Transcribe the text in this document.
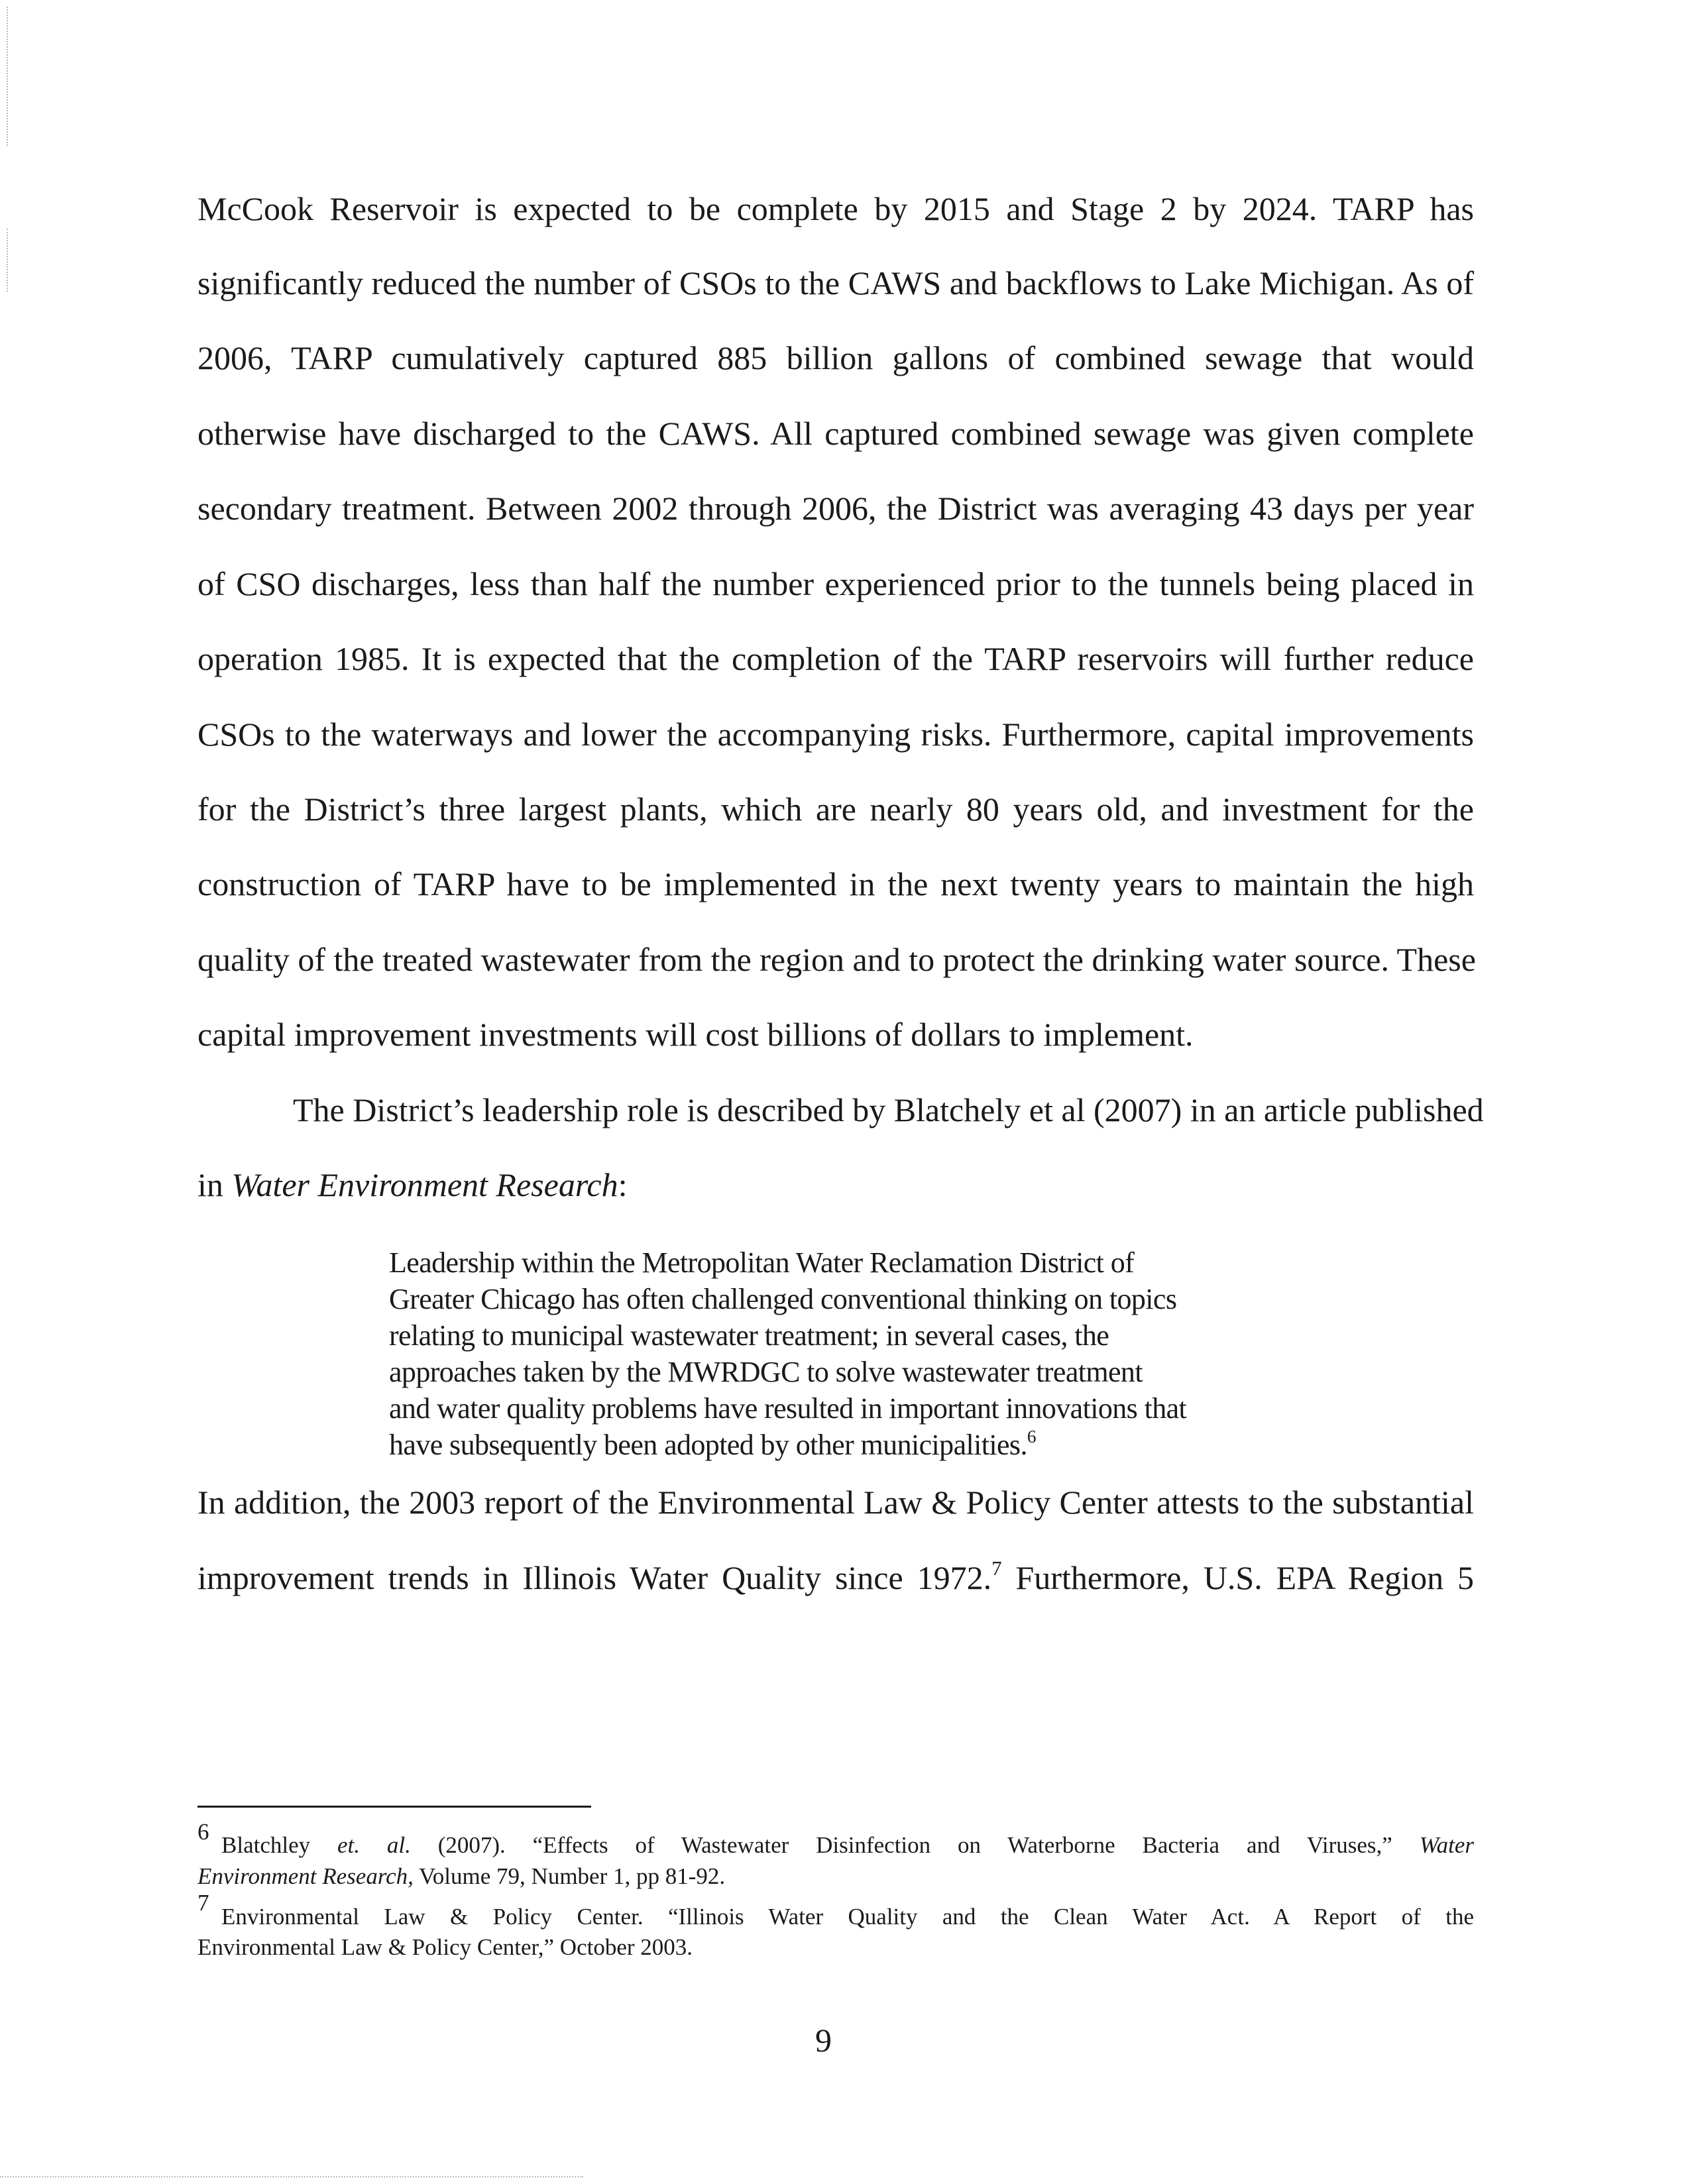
McCook Reservoir is expected to be complete by 2015 and Stage 2 by 2024. TARP has
significantly reduced the number of CSOs to the CAWS and backflows to Lake Michigan. As of
2006, TARP cumulatively captured 885 billion gallons of combined sewage that would
otherwise have discharged to the CAWS. All captured combined sewage was given complete
secondary treatment. Between 2002 through 2006, the District was averaging 43 days per year
of CSO discharges, less than half the number experienced prior to the tunnels being placed in
operation 1985. It is expected that the completion of the TARP reservoirs will further reduce
CSOs to the waterways and lower the accompanying risks. Furthermore, capital improvements
for the District’s three largest plants, which are nearly 80 years old, and investment for the
construction of TARP have to be implemented in the next twenty years to maintain the high
quality of the treated wastewater from the region and to protect the drinking water source. These
capital improvement investments will cost billions of dollars to implement.
The District’s leadership role is described by Blatchely et al (2007) in an article published
in Water Environment Research:
Leadership within the Metropolitan Water Reclamation District of
Greater Chicago has often challenged conventional thinking on topics
relating to municipal wastewater treatment; in several cases, the
approaches taken by the MWRDGC to solve wastewater treatment
and water quality problems have resulted in important innovations that
have subsequently been adopted by other municipalities.$^6$
In addition, the 2003 report of the Environmental Law & Policy Center attests to the substantial
improvement trends in Illinois Water Quality since 1972.$^7$ Furthermore, U.S. EPA Region 5
6
Blatchley et. al. (2007). “Effects of Wastewater Disinfection on Waterborne Bacteria and Viruses,” Water
Environment Research, Volume 79, Number 1, pp 81-92.
7
Environmental Law & Policy Center. “Illinois Water Quality and the Clean Water Act. A Report of the
Environmental Law & Policy Center,” October 2003.
9
